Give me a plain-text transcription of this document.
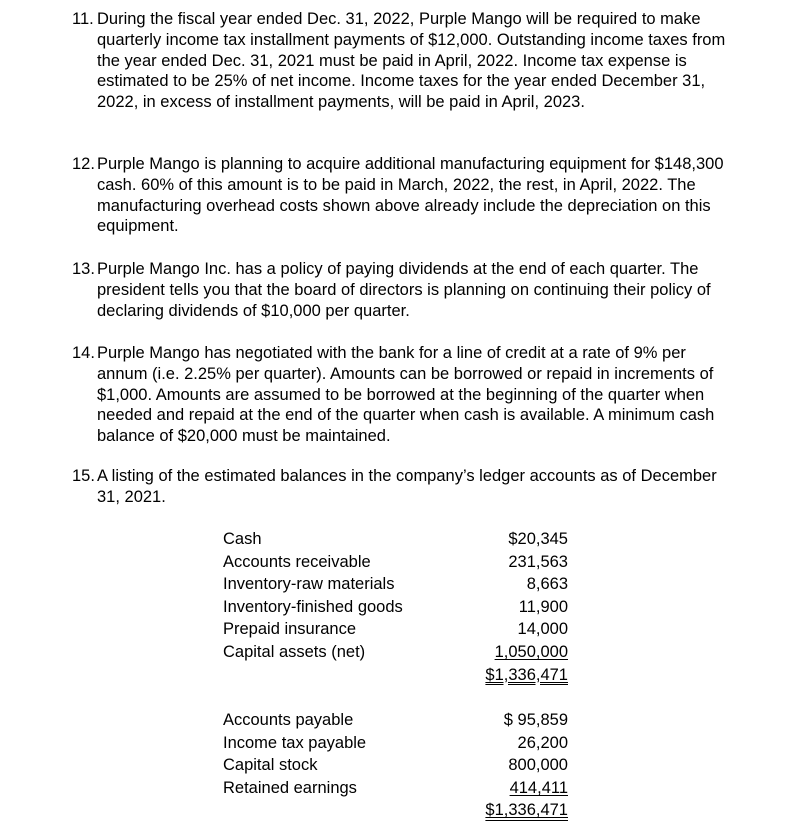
11. During the fiscal year ended Dec. 31, 2022, Purple Mango will be required to make quarterly income tax installment payments of $12,000. Outstanding income taxes from the year ended Dec. 31, 2021 must be paid in April, 2022. Income tax expense is estimated to be 25% of net income. Income taxes for the year ended December 31, 2022, in excess of installment payments, will be paid in April, 2023.
12. Purple Mango is planning to acquire additional manufacturing equipment for $148,300 cash. 60% of this amount is to be paid in March, 2022, the rest, in April, 2022. The manufacturing overhead costs shown above already include the depreciation on this equipment.
13. Purple Mango Inc. has a policy of paying dividends at the end of each quarter. The president tells you that the board of directors is planning on continuing their policy of declaring dividends of $10,000 per quarter.
14. Purple Mango has negotiated with the bank for a line of credit at a rate of 9% per annum (i.e. 2.25% per quarter). Amounts can be borrowed or repaid in increments of $1,000. Amounts are assumed to be borrowed at the beginning of the quarter when needed and repaid at the end of the quarter when cash is available. A minimum cash balance of $20,000 must be maintained.
15. A listing of the estimated balances in the company’s ledger accounts as of December 31, 2021.
Cash	$20,345
Accounts receivable	231,563
Inventory-raw materials	8,663
Inventory-finished goods	11,900
Prepaid insurance	14,000
Capital assets (net)	1,050,000
$1,336,471
Accounts payable	$ 95,859
Income tax payable	26,200
Capital stock	800,000
Retained earnings	414,411
$1,336,471
